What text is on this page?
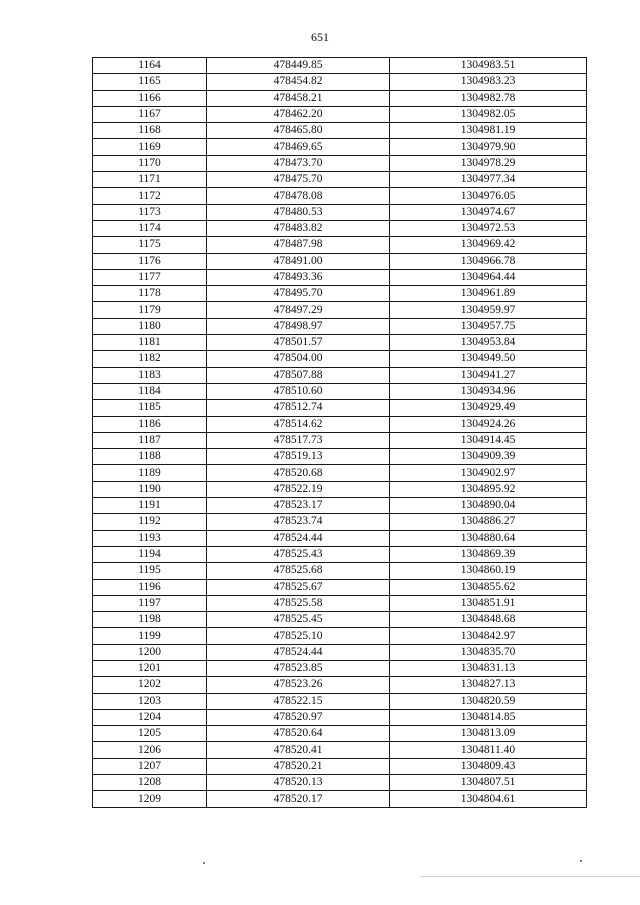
651
1164	478449.85	1304983.51
1165	478454.82	1304983.23
1166	478458.21	1304982.78
1167	478462.20	1304982.05
1168	478465.80	1304981.19
1169	478469.65	1304979.90
1170	478473.70	1304978.29
1171	478475.70	1304977.34
1172	478478.08	1304976.05
1173	478480.53	1304974.67
1174	478483.82	1304972.53
1175	478487.98	1304969.42
1176	478491.00	1304966.78
1177	478493.36	1304964.44
1178	478495.70	1304961.89
1179	478497.29	1304959.97
1180	478498.97	1304957.75
1181	478501.57	1304953.84
1182	478504.00	1304949.50
1183	478507.88	1304941.27
1184	478510.60	1304934.96
1185	478512.74	1304929.49
1186	478514.62	1304924.26
1187	478517.73	1304914.45
1188	478519.13	1304909.39
1189	478520.68	1304902.97
1190	478522.19	1304895.92
1191	478523.17	1304890.04
1192	478523.74	1304886.27
1193	478524.44	1304880.64
1194	478525.43	1304869.39
1195	478525.68	1304860.19
1196	478525.67	1304855.62
1197	478525.58	1304851.91
1198	478525.45	1304848.68
1199	478525.10	1304842.97
1200	478524.44	1304835.70
1201	478523.85	1304831.13
1202	478523.26	1304827.13
1203	478522.15	1304820.59
1204	478520.97	1304814.85
1205	478520.64	1304813.09
1206	478520.41	1304811.40
1207	478520.21	1304809.43
1208	478520.13	1304807.51
1209	478520.17	1304804.61
